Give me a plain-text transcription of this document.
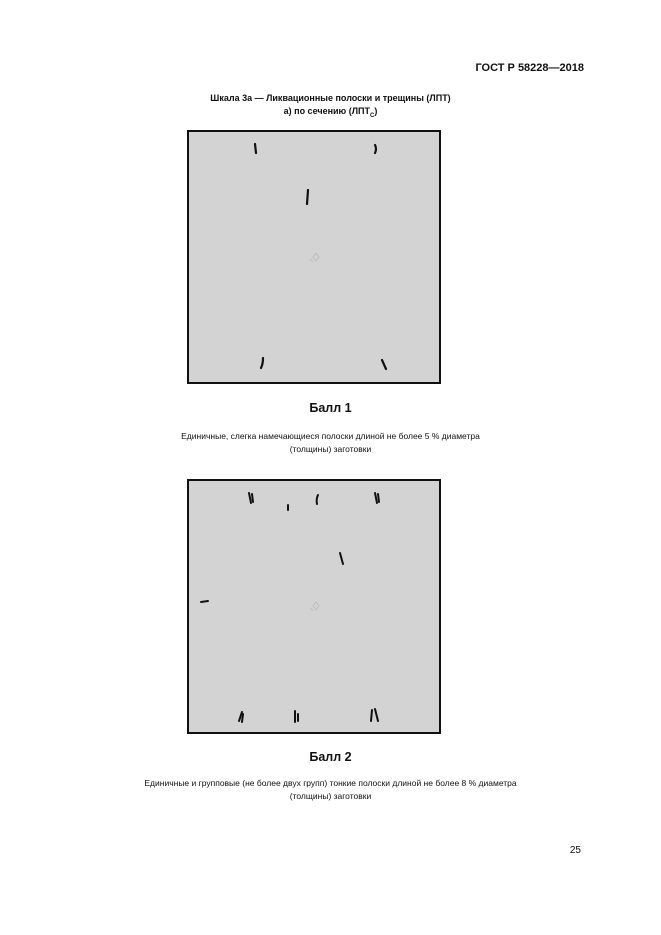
ГОСТ Р 58228—2018
Шкала 3а — Ликвационные полоски и трещины (ЛПТ)
а) по сечению $(ЛПТ_С)$
Балл 1
Единичные, слегка намечающиеся полоски длиной не более 5 % диаметра
(толщины) заготовки
Балл 2
Единичные и групповые (не более двух групп) тонкие полоски длиной не более 8 % диаметра
(толщины) заготовки
25
